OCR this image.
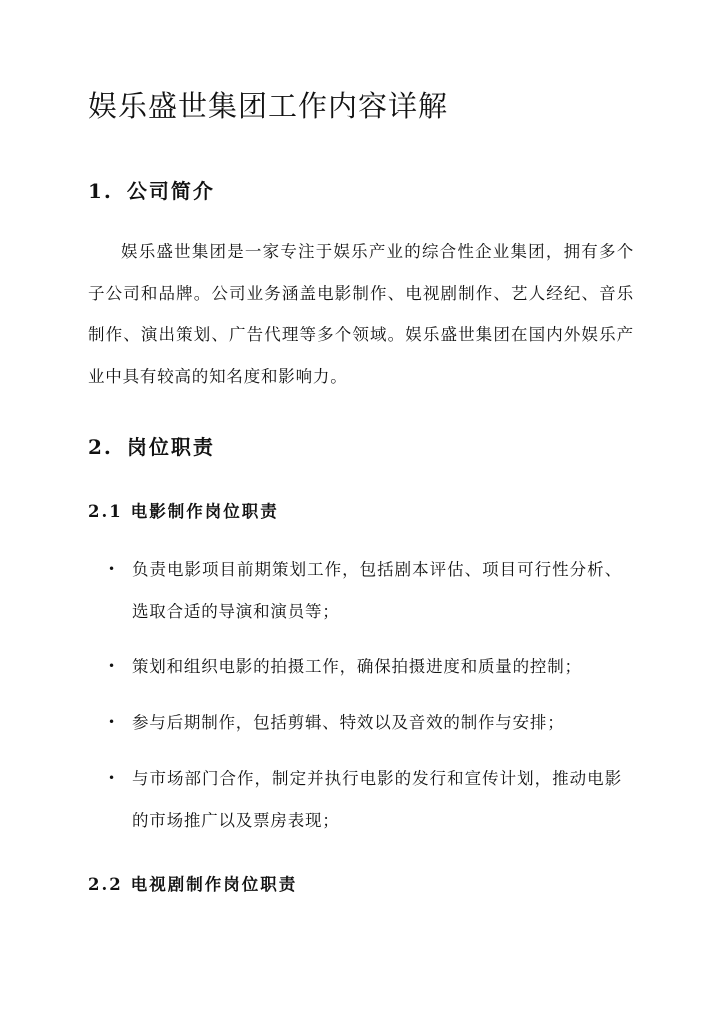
娱乐盛世集团工作内容详解
1. 公司简介

娱乐盛世集团是一家专注于娱乐产业的综合性企业集团，拥有多个子公司和品牌。公司业务涵盖电影制作、电视剧制作、艺人经纪、音乐制作、演出策划、广告代理等多个领域。娱乐盛世集团在国内外娱乐产业中具有较高的知名度和影响力。

2. 岗位职责
2.1 电影制作岗位职责
• 负责电影项目前期策划工作，包括剧本评估、项目可行性分析、选取合适的导演和演员等；
• 策划和组织电影的拍摄工作，确保拍摄进度和质量的控制；
• 参与后期制作，包括剪辑、特效以及音效的制作与安排；
• 与市场部门合作，制定并执行电影的发行和宣传计划，推动电影的市场推广以及票房表现；
2.2 电视剧制作岗位职责
